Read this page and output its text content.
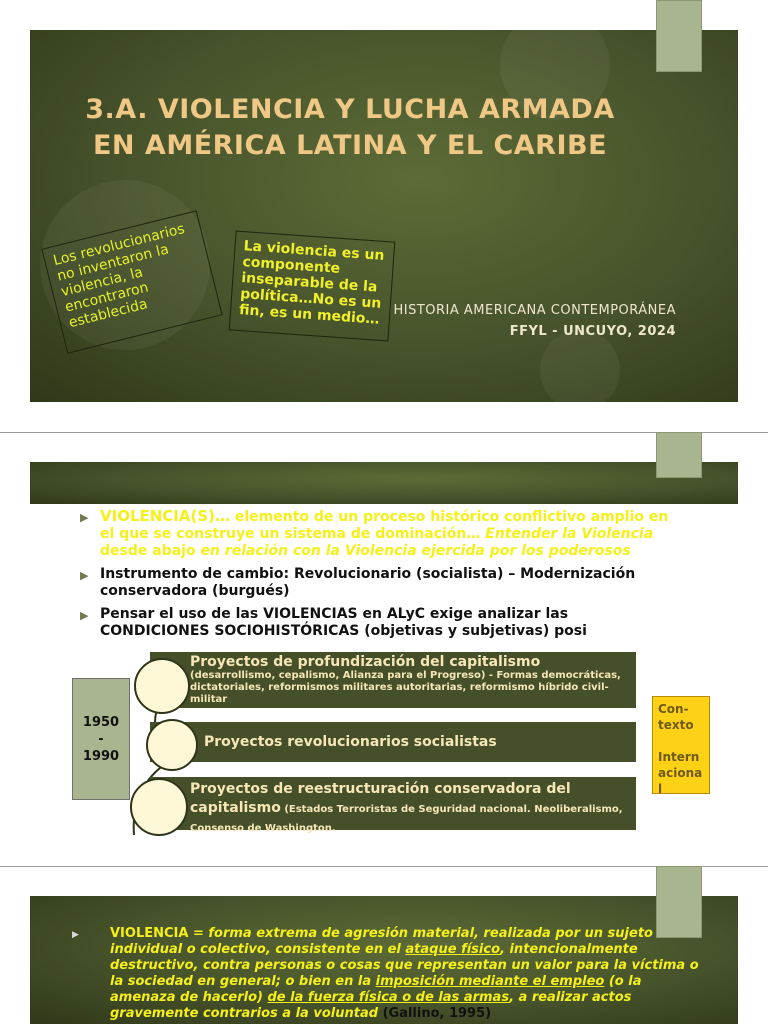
3.A. VIOLENCIA Y LUCHA ARMADA EN AMÉRICA LATINA Y EL CARIBE
Los revolucionarios no inventaron la violencia, la encontraron establecida
La violencia es un componente inseparable de la política…No es un fin, es un medio…	HISTORIA AMERICANA CONTEMPORÁNEA
FFYL - UNCUYO, 2024
▶ VIOLENCIA(S)… elemento de un proceso histórico conflictivo amplio en el que se construye un sistema de dominación… Entender la Violencia desde abajo en relación con la Violencia ejercida por los poderosos
▶ Instrumento de cambio: Revolucionario (socialista) – Modernización conservadora (burgués)
▶ Pensar el uso de las VIOLENCIAS en ALyC exige analizar las CONDICIONES SOCIOHISTÓRICAS (objetivas y subjetivas) posi
1950
-
1990
Proyectos de profundización del capitalismo
(desarrollismo, cepalismo, Alianza para el Progreso) - Formas democráticas, dictatoriales, reformismos militares autoritarias, reformismo híbrido civil-militar
Proyectos revolucionarios socialistas
Proyectos de reestructuración conservadora del capitalismo (Estados Terroristas de Seguridad nacional. Neoliberalismo, Consenso de Washington.
Con-
texto

Intern
aciona
l
▶ VIOLENCIA = forma extrema de agresión material, realizada por un sujeto individual o colectivo, consistente en el ataque físico, intencionalmente destructivo, contra personas o cosas que representan un valor para la víctima o la sociedad en general; o bien en la imposición mediante el empleo (o la amenaza de hacerlo) de la fuerza física o de las armas, a realizar actos gravemente contrarios a la voluntad (Gallino, 1995)
